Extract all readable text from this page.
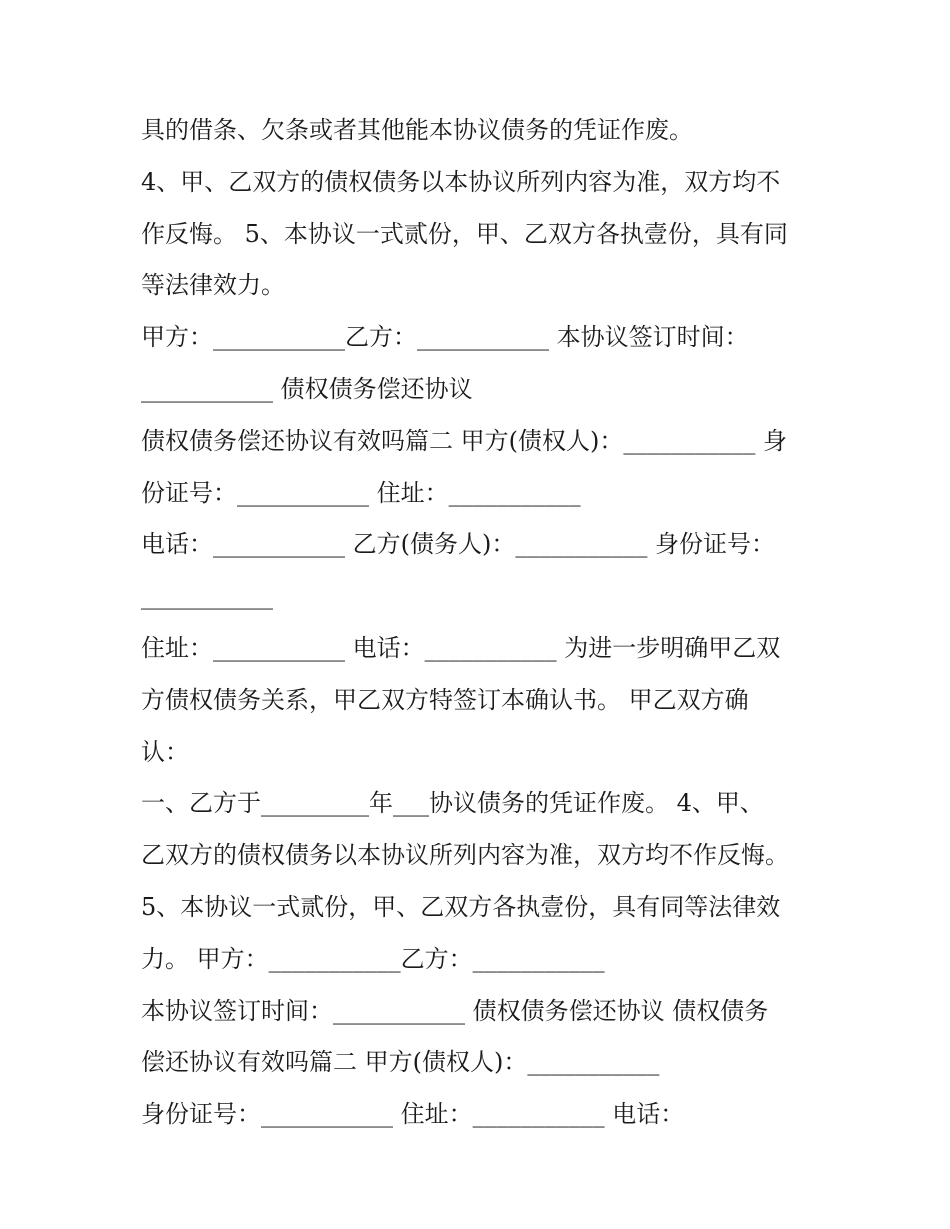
具的借条、欠条或者其他能本协议债务的凭证作废。
4、甲、乙双方的债权债务以本协议所列内容为准，双方均不
作反悔。 5、本协议一式贰份，甲、乙双方各执壹份，具有同
等法律效力。
甲方：___________乙方：___________ 本协议签订时间：
___________ 债权债务偿还协议
债权债务偿还协议有效吗篇二 甲方(债权人)：___________ 身
份证号：___________ 住址：___________
电话：___________ 乙方(债务人)：___________ 身份证号：
___________
住址：___________ 电话：___________ 为进一步明确甲乙双
方债权债务关系，甲乙双方特签订本确认书。 甲乙双方确
认：
一、乙方于_________年___协议债务的凭证作废。 4、甲、
乙双方的债权债务以本协议所列内容为准，双方均不作反悔。
5、本协议一式贰份，甲、乙双方各执壹份，具有同等法律效
力。 甲方：___________乙方：___________
本协议签订时间：___________ 债权债务偿还协议 债权债务
偿还协议有效吗篇二 甲方(债权人)：___________
身份证号：___________ 住址：___________ 电话：
